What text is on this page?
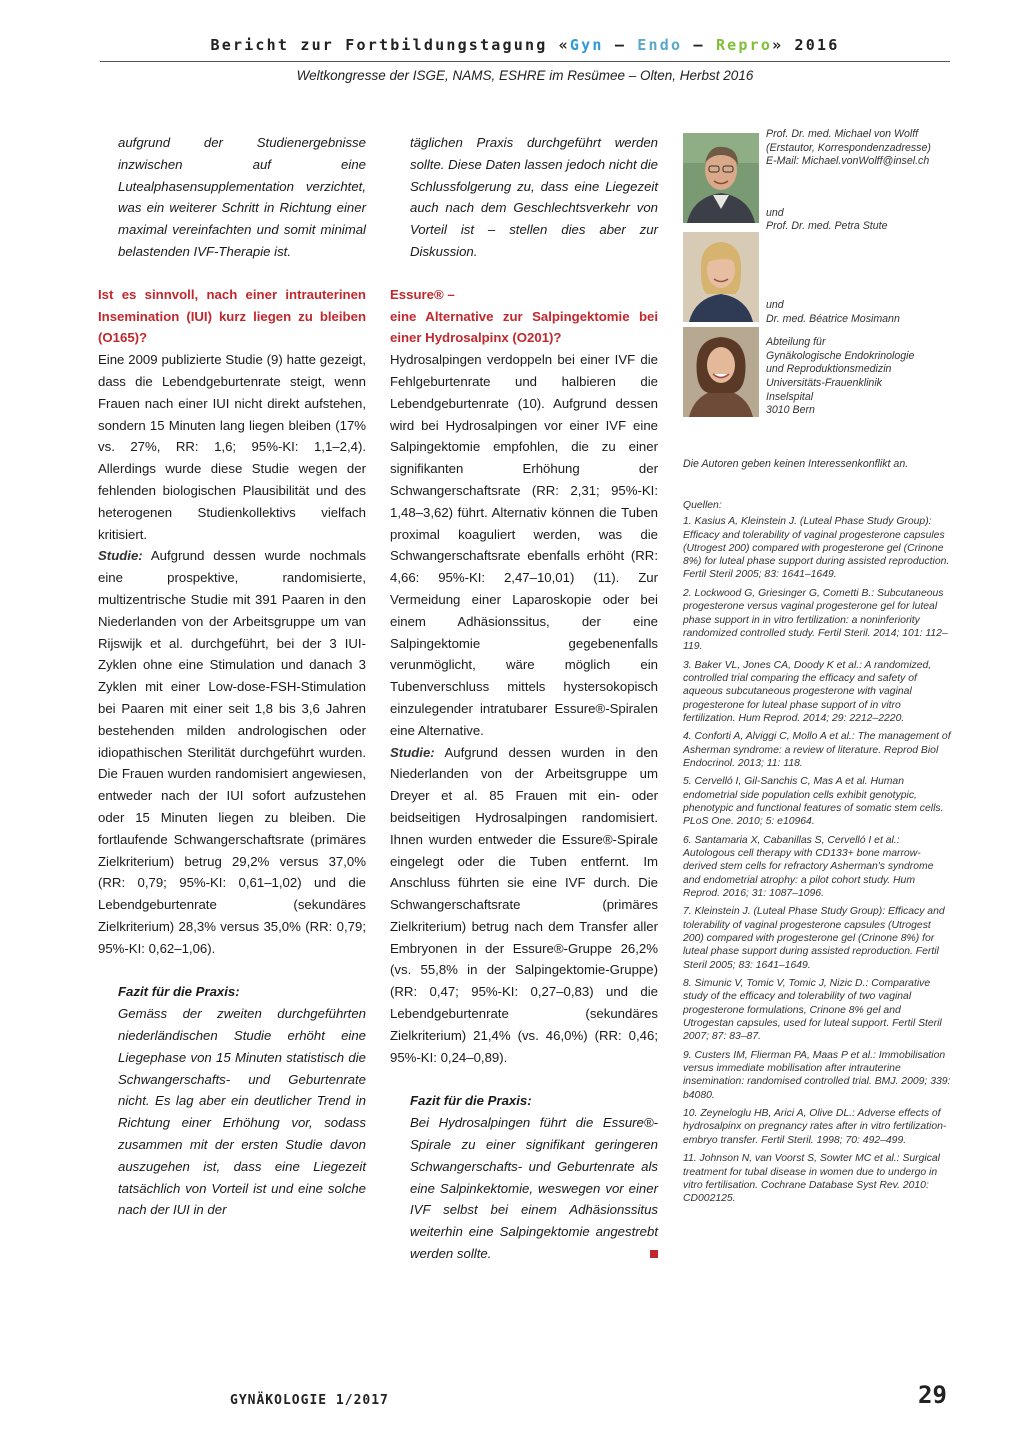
Bericht zur Fortbildungstagung «Gyn – Endo – Repro» 2016
Weltkongresse der ISGE, NAMS, ESHRE im Resümee – Olten, Herbst 2016

aufgrund der Studienergebnisse inzwischen auf eine Lutealphasensupplementation verzichtet, was ein weiterer Schritt in Richtung einer maximal vereinfachten und somit minimal belastenden IVF-Therapie ist.

Ist es sinnvoll, nach einer intrauterinen Insemination (IUI) kurz liegen zu bleiben (O165)?

Eine 2009 publizierte Studie (9) hatte gezeigt, dass die Lebendgeburtenrate steigt, wenn Frauen nach einer IUI nicht direkt aufstehen, sondern 15 Minuten lang liegen bleiben (17% vs. 27%, RR: 1,6; 95%-KI: 1,1–2,4). Allerdings wurde diese Studie wegen der fehlenden biologischen Plausibilität und des heterogenen Studienkollektivs vielfach kritisiert.

Studie: Aufgrund dessen wurde nochmals eine prospektive, randomisierte, multizentrische Studie mit 391 Paaren in den Niederlanden von der Arbeitsgruppe um van Rijswijk et al. durchgeführt, bei der 3 IUI-Zyklen ohne eine Stimulation und danach 3 Zyklen mit einer Low-dose-FSH-Stimulation bei Paaren mit einer seit 1,8 bis 3,6 Jahren bestehenden milden andrologischen oder idiopathischen Sterilität durchgeführt wurden. Die Frauen wurden randomisiert angewiesen, entweder nach der IUI sofort aufzustehen oder 15 Minuten liegen zu bleiben. Die fortlaufende Schwangerschaftsrate (primäres Zielkriterium) betrug 29,2% versus 37,0% (RR: 0,79; 95%-KI: 0,61–1,02) und die Lebendgeburtenrate (sekundäres Zielkriterium) 28,3% versus 35,0% (RR: 0,79; 95%-KI: 0,62–1,06).

Fazit für die Praxis:

Gemäss der zweiten durchgeführten niederländischen Studie erhöht eine Liegephase von 15 Minuten statistisch die Schwangerschafts- und Geburtenrate nicht. Es lag aber ein deutlicher Trend in Richtung einer Erhöhung vor, sodass zusammen mit der ersten Studie davon auszugehen ist, dass eine Liegezeit tatsächlich von Vorteil ist und eine solche nach der IUI in der

täglichen Praxis durchgeführt werden sollte. Diese Daten lassen jedoch nicht die Schlussfolgerung zu, dass eine Liegezeit auch nach dem Geschlechtsverkehr von Vorteil ist – stellen dies aber zur Diskussion.

Essure® –
eine Alternative zur Salpingektomie bei einer Hydrosalpinx (O201)?

Hydrosalpingen verdoppeln bei einer IVF die Fehlgeburtenrate und halbieren die Lebendgeburtenrate (10). Aufgrund dessen wird bei Hydrosalpingen vor einer IVF eine Salpingektomie empfohlen, die zu einer signifikanten Erhöhung der Schwangerschaftsrate (RR: 2,31; 95%-KI: 1,48–3,62) führt. Alternativ können die Tuben proximal koaguliert werden, was die Schwangerschaftsrate ebenfalls erhöht (RR: 4,66: 95%-KI: 2,47–10,01) (11). Zur Vermeidung einer Laparoskopie oder bei einem Adhäsionssitus, der eine Salpingektomie gegebenenfalls verunmöglicht, wäre möglich ein Tubenverschluss mittels hystersokopisch einzulegender intratubarer Essure®-Spiralen eine Alternative.

Studie: Aufgrund dessen wurden in den Niederlanden von der Arbeitsgruppe um Dreyer et al. 85 Frauen mit ein- oder beidseitigen Hydrosalpingen randomisiert. Ihnen wurden entweder die Essure®-Spirale eingelegt oder die Tuben entfernt. Im Anschluss führten sie eine IVF durch. Die Schwangerschaftsrate (primäres Zielkriterium) betrug nach dem Transfer aller Embryonen in der Essure®-Gruppe 26,2% (vs. 55,8% in der Salpingektomie-Gruppe) (RR: 0,47; 95%-KI: 0,27–0,83) und die Lebendgeburtenrate (sekundäres Zielkriterium) 21,4% (vs. 46,0%) (RR: 0,46; 95%-KI: 0,24–0,89).

Fazit für die Praxis:

Bei Hydrosalpingen führt die Essure®-Spirale zu einer signifikant geringeren Schwangerschafts- und Geburtenrate als eine Salpinkektomie, weswegen vor einer IVF selbst bei einem Adhäsionssitus weiterhin eine Salpingektomie angestrebt werden sollte.

Prof. Dr. med. Michael von Wolff
(Erstautor, Korrespondenzadresse)
E-Mail: Michael.vonWolff@insel.ch
und
Prof. Dr. med. Petra Stute
und
Dr. med. Béatrice Mosimann
Abteilung für
Gynäkologische Endokrinologie
und Reproduktionsmedizin
Universitäts-Frauenklinik
Inselspital
3010 Bern
Die Autoren geben keinen Interessenkonflikt an.
Quellen:

1. Kasius A, Kleinstein J. (Luteal Phase Study Group): Efficacy and tolerability of vaginal progesterone capsules (Utrogest 200) compared with progesterone gel (Crinone 8%) for luteal phase support during assisted reproduction. Fertil Steril 2005; 83: 1641–1649.

2. Lockwood G, Griesinger G, Cometti B.: Subcutaneous progesterone versus vaginal progesterone gel for luteal phase support in in vitro fertilization: a noninferiority randomized controlled study. Fertil Steril. 2014; 101: 112–119.

3. Baker VL, Jones CA, Doody K et al.: A randomized, controlled trial comparing the efficacy and safety of aqueous subcutaneous progesterone with vaginal progesterone for luteal phase support of in vitro fertilization. Hum Reprod. 2014; 29: 2212–2220.

4. Conforti A, Alviggi C, Mollo A et al.: The management of Asherman syndrome: a review of literature. Reprod Biol Endocrinol. 2013; 11: 118.

5. Cervelló I, Gil-Sanchis C, Mas A et al. Human endometrial side population cells exhibit genotypic, phenotypic and functional features of somatic stem cells. PLoS One. 2010; 5: e10964.

6. Santamaria X, Cabanillas S, Cervelló I et al.: Autologous cell therapy with CD133+ bone marrow-derived stem cells for refractory Asherman's syndrome and endometrial atrophy: a pilot cohort study. Hum Reprod. 2016; 31: 1087–1096.

7. Kleinstein J. (Luteal Phase Study Group): Efficacy and tolerability of vaginal progesterone capsules (Utrogest 200) compared with progesterone gel (Crinone 8%) for luteal phase support during assisted reproduction. Fertil Steril 2005; 83: 1641–1649.

8. Simunic V, Tomic V, Tomic J, Nizic D.: Comparative study of the efficacy and tolerability of two vaginal progesterone formulations, Crinone 8% gel and Utrogestan capsules, used for luteal support. Fertil Steril 2007; 87: 83–87.

9. Custers IM, Flierman PA, Maas P et al.: Immobilisation versus immediate mobilisation after intrauterine insemination: randomised controlled trial. BMJ. 2009; 339: b4080.

10. Zeyneloglu HB, Arici A, Olive DL.: Adverse effects of hydrosalpinx on pregnancy rates after in vitro fertilization-embryo transfer. Fertil Steril. 1998; 70: 492–499.

11. Johnson N, van Voorst S, Sowter MC et al.: Surgical treatment for tubal disease in women due to undergo in vitro fertilisation. Cochrane Database Syst Rev. 2010: CD002125.

GYNÄKOLOGIE 1/2017	29
